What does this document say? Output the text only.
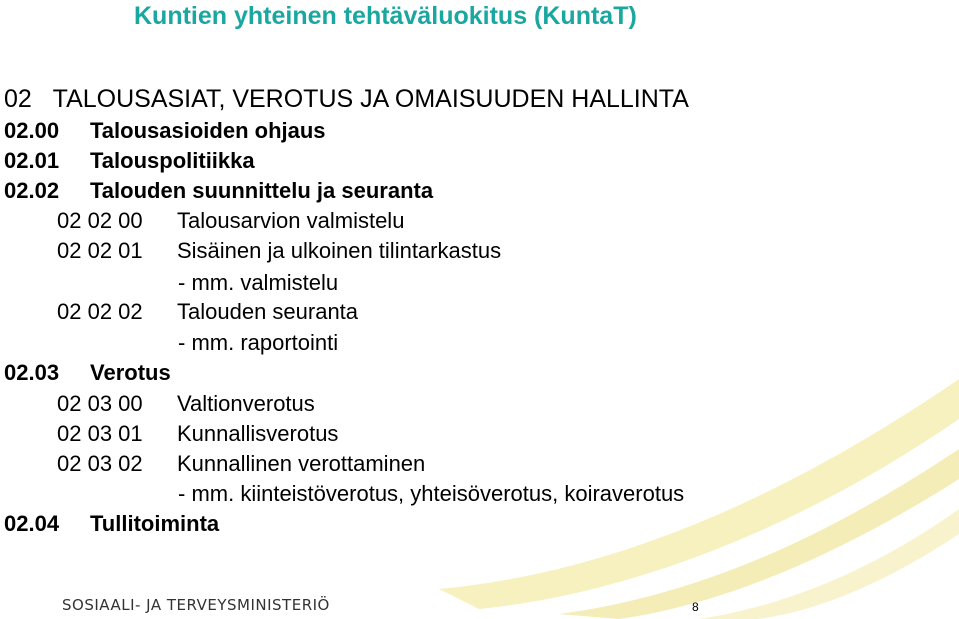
Kuntien yhteinen tehtäväluokitus (KuntaT)
02 TALOUSASIAT, VEROTUS JA OMAISUUDEN HALLINTA
02.00 Talousasioiden ohjaus
02.01 Talouspolitiikka
02.02 Talouden suunnittelu ja seuranta
02 02 00 Talousarvion valmistelu
02 02 01 Sisäinen ja ulkoinen tilintarkastus
- mm. valmistelu
02 02 02 Talouden seuranta
- mm. raportointi
02.03 Verotus
02 03 00 Valtionverotus
02 03 01 Kunnallisverotus
02 03 02 Kunnallinen verottaminen
- mm. kiinteistöverotus, yhteisöverotus, koiraverotus
02.04 Tullitoiminta
SOSIAALI- JA TERVEYSMINISTERIÖ	8
